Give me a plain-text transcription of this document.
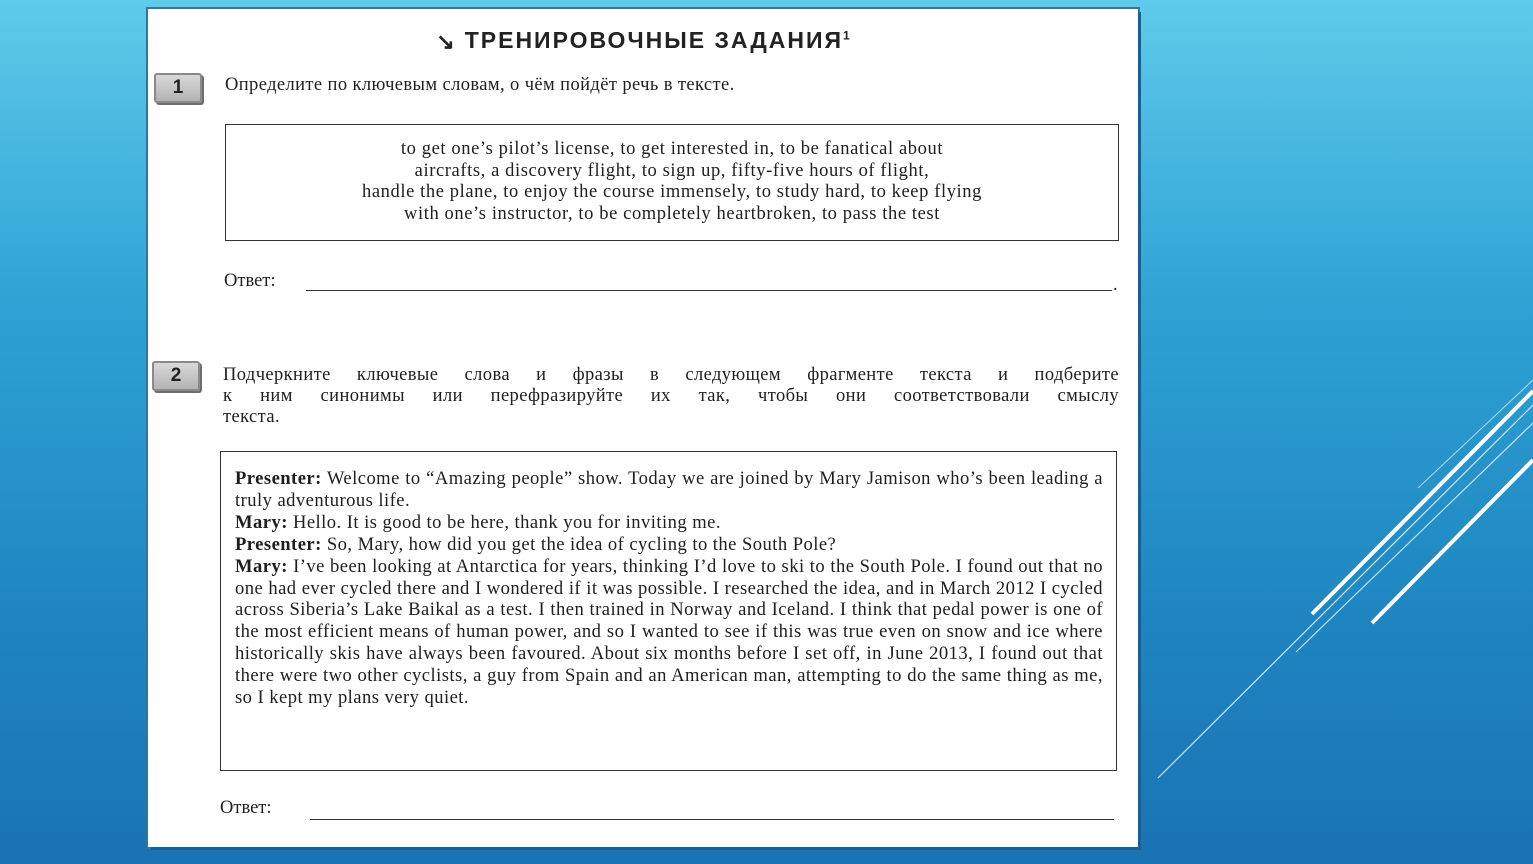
↘ ТРЕНИРОВОЧНЫЕ ЗАДАНИЯ$^1$
1	Определите по ключевым словам, о чём пойдёт речь в тексте.
to get one’s pilot’s license, to get interested in, to be fanatical about
aircrafts, a discovery flight, to sign up, fifty-five hours of flight,
handle the plane, to enjoy the course immensely, to study hard, to keep flying
with one’s instructor, to be completely heartbroken, to pass the test
Ответ:	.
2	Подчеркните ключевые слова и фразы в следующем фрагменте текста и подберите
к ним синонимы или перефразируйте их так, чтобы они соответствовали смыслу
текста.
Presenter: Welcome to “Amazing people” show. Today we are joined by Mary Jamison who’s been leading a truly adventurous life.
Mary: Hello. It is good to be here, thank you for inviting me.
Presenter: So, Mary, how did you get the idea of cycling to the South Pole?
Mary: I’ve been looking at Antarctica for years, thinking I’d love to ski to the South Pole. I found out that no one had ever cycled there and I wondered if it was possible. I researched the idea, and in March 2012 I cycled across Siberia’s Lake Baikal as a test. I then trained in Norway and Iceland. I think that pedal power is one of the most efficient means of human power, and so I wanted to see if this was true even on snow and ice where historically skis have always been favoured. About six months before I set off, in June 2013, I found out that there were two other cyclists, a guy from Spain and an American man, attempting to do the same thing as me, so I kept my plans very quiet.
Ответ:
